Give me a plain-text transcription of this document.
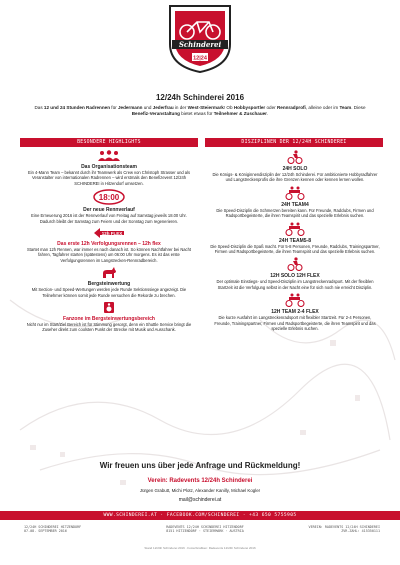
Schinderei
12|24
12/24h Schinderei 2016
Das 12 und 24 Stunden Radrennen für Jedermann und Jederfrau in der West-Steiermark! Ob Hobbysportler oder Rennradprofi, alleine oder im Team. Diese Benefiz-Veranstaltung bietet etwas für Teilnehmer & Zuschauer.
BESONDERE HIGHLIGHTS	DISZIPLINEN DER 12/24H SCHINDEREI
Das Organisationsteam
Ein 4-Mann Team – bekannt durch ihr Teamwerk als Crew von Christoph Strasser und als Veranstalter von internationalen Radrennen – wird erstmals den Benefizevent 12/24h SCHINDEREI in Hitzendorf umsetzen.
18:00
Der neue Rennverlauf
Eine Erneuerung 2016 ist der Rennverlauf von Freitag auf Samstag jeweils 18.00 Uhr. Dadurch bleibt der Samstag zum Feiern und der Sonntag zum regenerieren.
12h FLEX
Das erste 12h Verfolgungsrennen – 12h flex
Startet man 12h Rennen, war immer es nach danach ist. So können Nachtfahrer bei Nacht fahren, Tagfahrer starten (spätestens) um 06:00 Uhr morgens. Es ist das erste Verfolgungsrennen im Langstrecken-Rennradbereich.
Bergsteinwertung
Mit Section- und Speed-Wertungen werden jede Runde Sektionssiege angezeigt. Die Teilnehmer können somit jede Runde versuchen die Rekorde zu brechen.
Fanzone im Bergsteinwertungsbereich
Nicht nur im Start/Ziel Bereich ist für Stimmung gesorgt, denn ein Shuttle Service bringt die Zuseher direkt zum coolsten Punkt der Strecke mit Musik und Ausschank.
24H SOLO
Die Königs- & Königinnendisziplin der 12/24h Schinderei. Für ambitionierte Hobbyradfahrer und Langstreckenprofis die ihre Grenzen kennen oder kennen lernen wollen.
24H TEAM4
Die Speed-Disziplin die Schmerzen bereiten kann. Für Freunde, Radclubs, Firmen und Radsportbegeisterte, die ihren Teamspirit und das spezielle Erlebnis suchen.
24H TEAM5-8
Die Speed-Disziplin die Spaß macht. Für 5-8 Personen, Freunde, Radclubs, Trainingspartner, Firmen und Radsportbegeisterte, die ihren Teamspirit und das spezielle Erlebnis suchen.
12H SOLO 12H FLEX
Der optimale Einstiegs- und Speed-Disziplin im Langstreckenradsport. Mit der flexiblen Startzeit ist die Verfolgung selbst in der Nacht eine für sich noch nie erreicht Disziplin.
12H TEAM 2-4 FLEX
Die kurze Ausfahrt im Langstreckenradsport mit flexibler Startzeit. Für 2-4 Personen, Freunde, Trainingspartner, Firmen und Radsportbegeisterte, die ihren Teamspirit und das spezielle Erlebnis suchen.
Wir freuen uns über jede Anfrage und Rückmeldung!
Verein: Radevents 12/24h Schinderei
Jürgen Grabutt, Michi Plotz, Alexander Kanilly, Michael Kogler
mail@schinderei.at
WWW.SCHINDEREI.AT · FACEBOOK.COM/SCHINDEREI · +43 650 5755905
12/24H SCHINDEREI HITZENDORF
07-08. SEPTEMBER 2016
RADEVENTS 12/24H SCHINDEREI HITZENDORF
8151 HITZENDORF · STEIERMARK · AUSTRIA
VEREIN: RADEVENTS 12/24H SCHINDEREI
ZVR-ZAHL: 415350111
Stand 12/24h Schinderei 2016 · Fotos/Grafiken: Radevents 12/24h Schinderei 2016
